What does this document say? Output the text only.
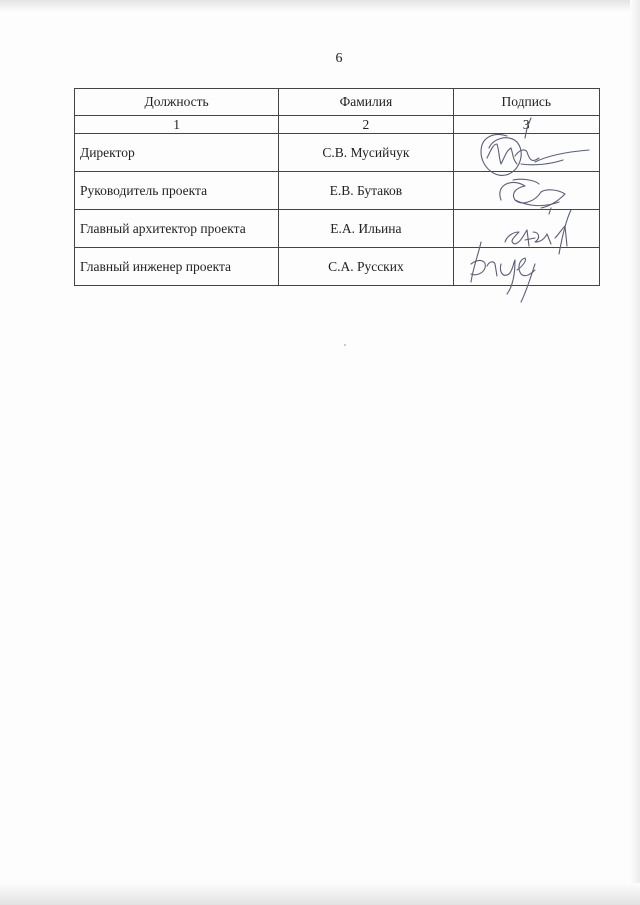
6
Должность	Фамилия	Подпись
1	2	3
Директор	С.В. Мусийчук	
Руководитель проекта	Е.В. Бутаков	
Главный архитектор проекта	Е.А. Ильина	
Главный инженер проекта	С.А. Русских	
